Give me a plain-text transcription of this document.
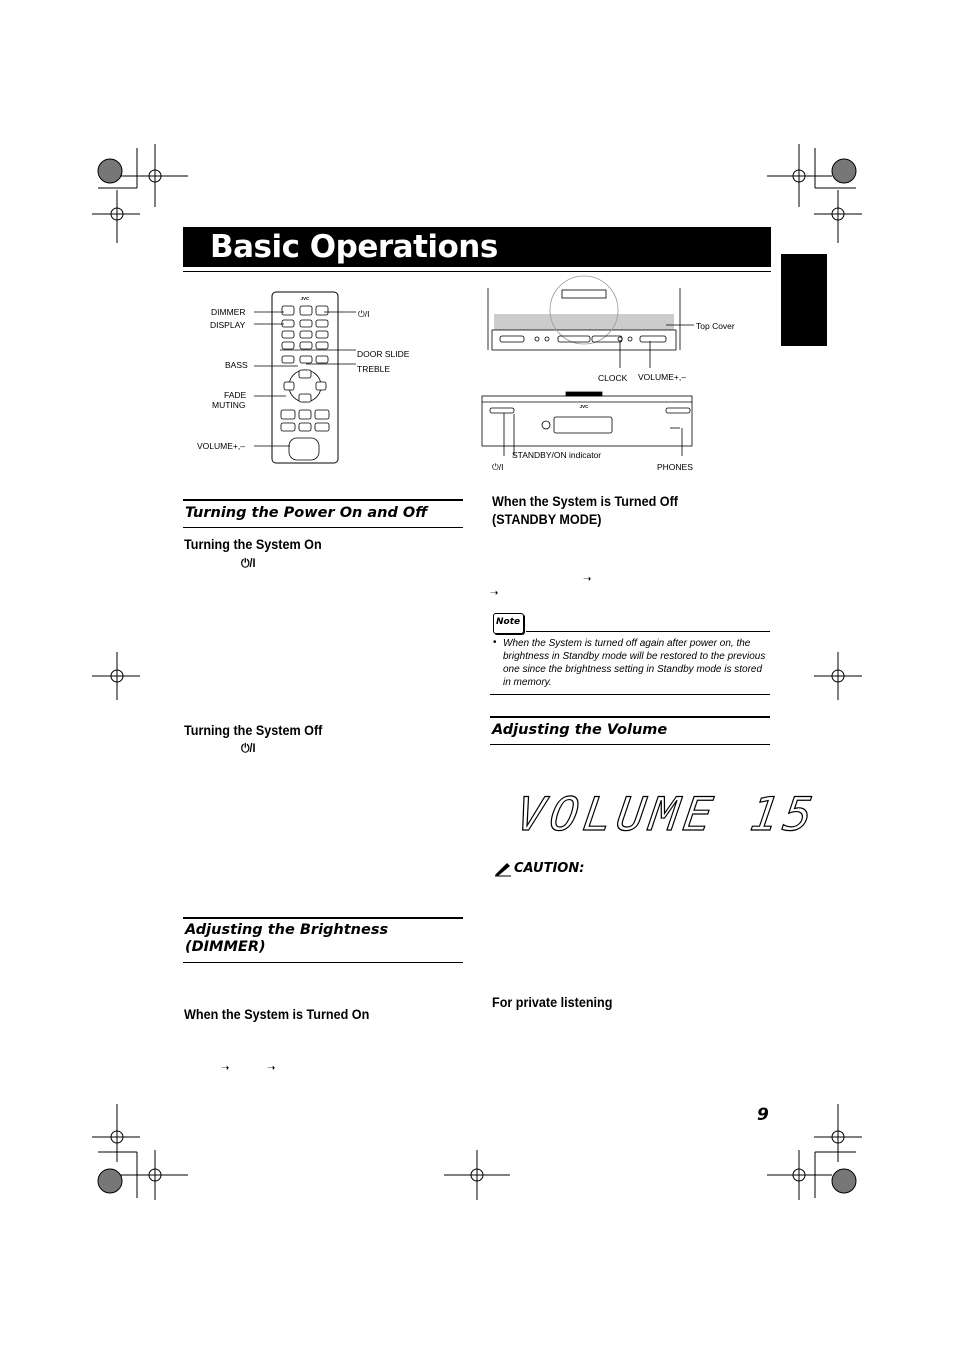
Basic Operations
JVC
DIMMER
DISPLAY
BASS
FADE
MUTING
VOLUME+,–
⏻/I
DOOR SLIDE
TREBLE
JVC
Top Cover
CLOCK VOLUME+,–
STANDBY/ON indicator
⏻/I	PHONES
Turning the Power On and Off
Turning the System On
⏻/I
Turning the System Off
⏻/I
Adjusting the Brightness
(DIMMER)
When the System is Turned On
➝	➝
When the System is Turned Off
(STANDBY MODE)
➝
➝
Note
• When the System is turned off again after power on, the brightness in Standby mode will be restored to the previous one since the brightness setting in Standby mode is stored in memory.
Adjusting the Volume
VOLUME 15
CAUTION:
For private listening
9
